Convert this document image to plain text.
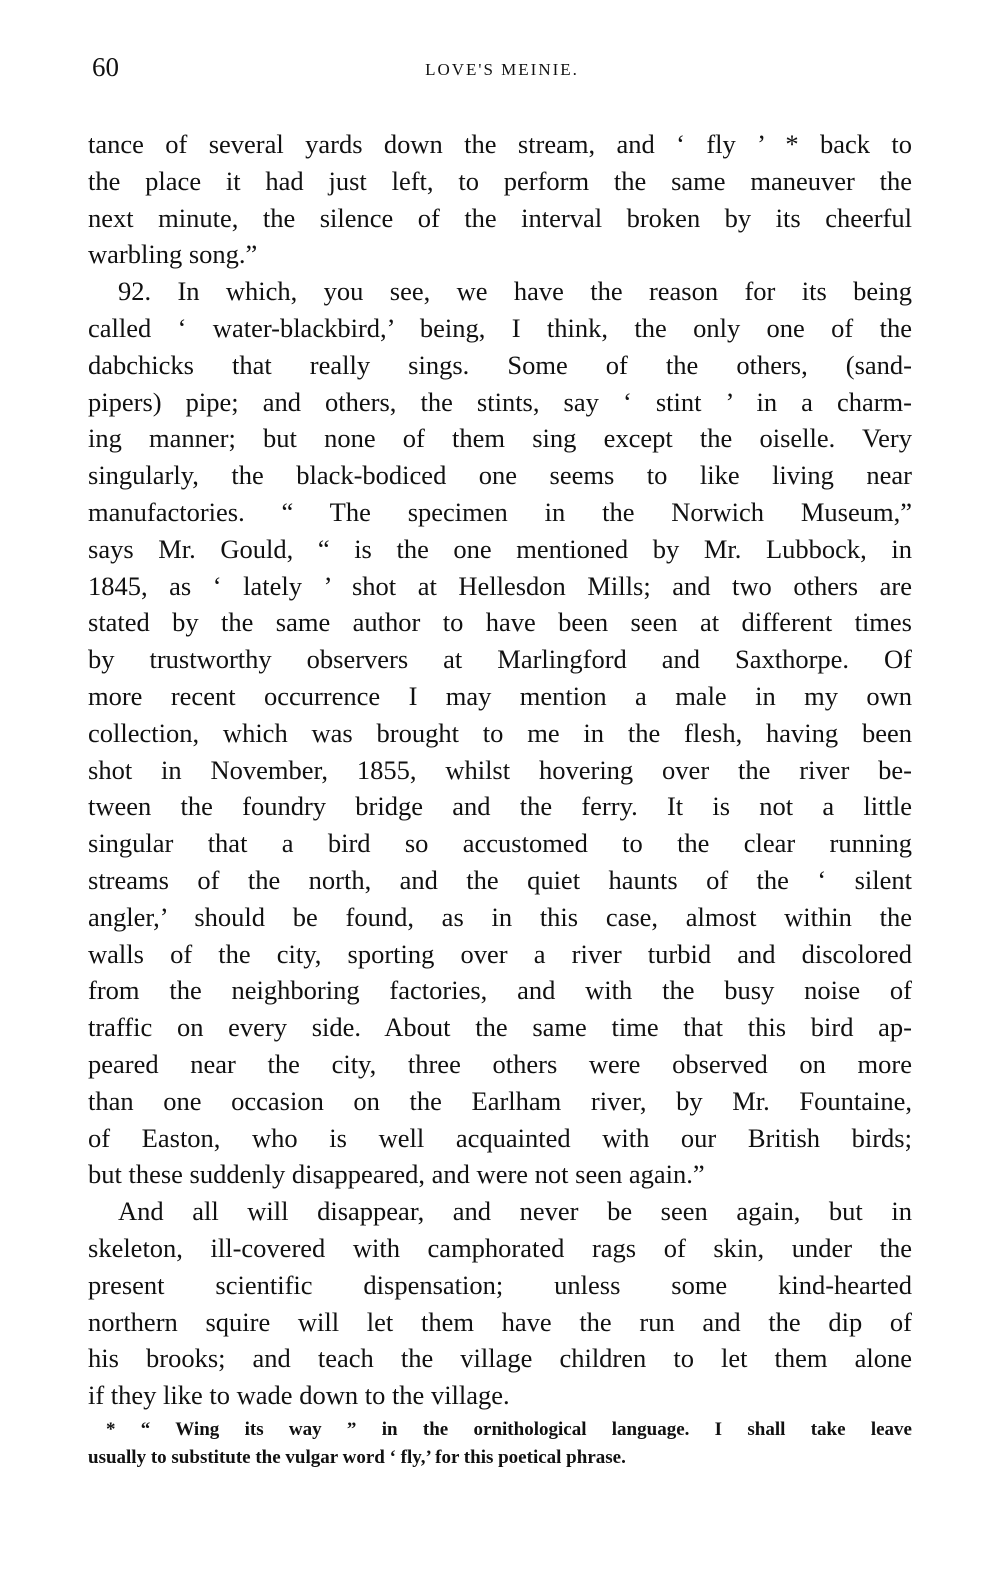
60	LOVE'S MEINIE.
tance of several yards down the stream, and ‘ fly ’ * back to
the place it had just left, to perform the same maneuver the
next minute, the silence of the interval broken by its cheerful
warbling song.”
92. In which, you see, we have the reason for its being
called ‘ water-blackbird,’ being, I think, the only one of the
dabchicks that really sings. Some of the others, (sand-
pipers) pipe; and others, the stints, say ‘ stint ’ in a charm-
ing manner; but none of them sing except the oiselle. Very
singularly, the black-bodiced one seems to like living near
manufactories. “ The specimen in the Norwich Museum,”
says Mr. Gould, “ is the one mentioned by Mr. Lubbock, in
1845, as ‘ lately ’ shot at Hellesdon Mills; and two others are
stated by the same author to have been seen at different times
by trustworthy observers at Marlingford and Saxthorpe. Of
more recent occurrence I may mention a male in my own
collection, which was brought to me in the flesh, having been
shot in November, 1855, whilst hovering over the river be-
tween the foundry bridge and the ferry. It is not a little
singular that a bird so accustomed to the clear running
streams of the north, and the quiet haunts of the ‘ silent
angler,’ should be found, as in this case, almost within the
walls of the city, sporting over a river turbid and discolored
from the neighboring factories, and with the busy noise of
traffic on every side. About the same time that this bird ap-
peared near the city, three others were observed on more
than one occasion on the Earlham river, by Mr. Fountaine,
of Easton, who is well acquainted with our British birds;
but these suddenly disappeared, and were not seen again.”
And all will disappear, and never be seen again, but in
skeleton, ill-covered with camphorated rags of skin, under the
present scientific dispensation; unless some kind-hearted
northern squire will let them have the run and the dip of
his brooks; and teach the village children to let them alone
if they like to wade down to the village.
* “ Wing its way ” in the ornithological language. I shall take leave
usually to substitute the vulgar word ‘ fly,’ for this poetical phrase.
